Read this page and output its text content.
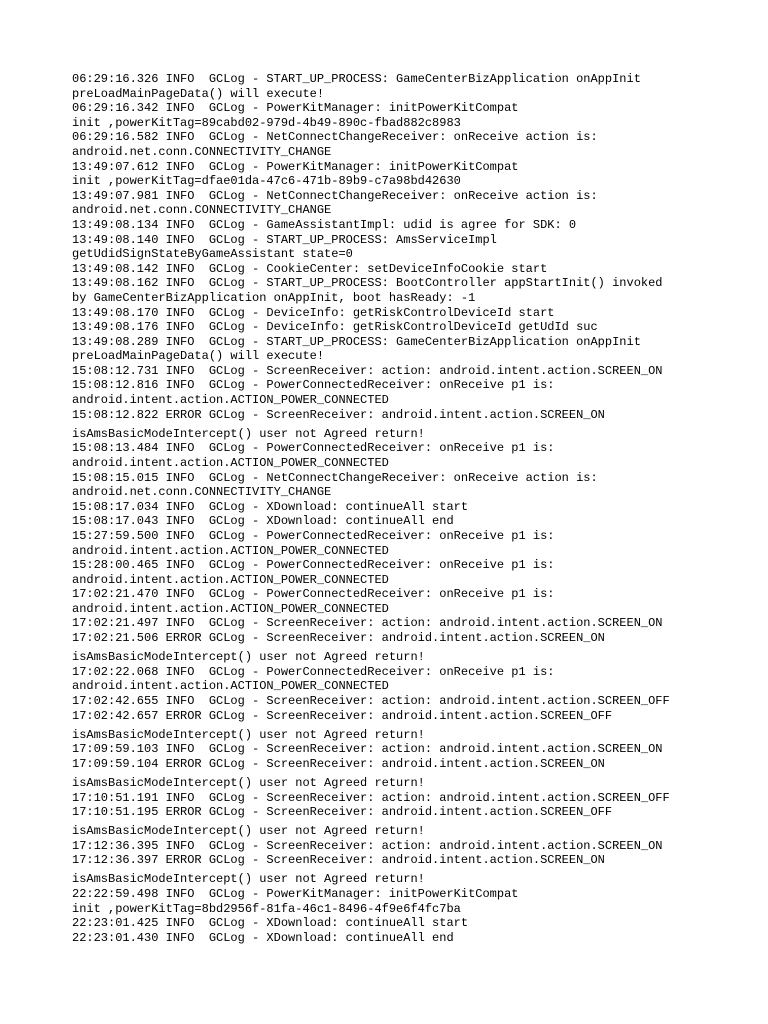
06:29:16.326 INFO  GCLog - START_UP_PROCESS: GameCenterBizApplication onAppInit
preLoadMainPageData() will execute!
06:29:16.342 INFO  GCLog - PowerKitManager: initPowerKitCompat
init ,powerKitTag=89cabd02-979d-4b49-890c-fbad882c8983
06:29:16.582 INFO  GCLog - NetConnectChangeReceiver: onReceive action is:
android.net.conn.CONNECTIVITY_CHANGE
13:49:07.612 INFO  GCLog - PowerKitManager: initPowerKitCompat
init ,powerKitTag=dfae01da-47c6-471b-89b9-c7a98bd42630
13:49:07.981 INFO  GCLog - NetConnectChangeReceiver: onReceive action is:
android.net.conn.CONNECTIVITY_CHANGE
13:49:08.134 INFO  GCLog - GameAssistantImpl: udid is agree for SDK: 0
13:49:08.140 INFO  GCLog - START_UP_PROCESS: AmsServiceImpl
getUdidSignStateByGameAssistant state=0
13:49:08.142 INFO  GCLog - CookieCenter: setDeviceInfoCookie start
13:49:08.162 INFO  GCLog - START_UP_PROCESS: BootController appStartInit() invoked
by GameCenterBizApplication onAppInit, boot hasReady: -1
13:49:08.170 INFO  GCLog - DeviceInfo: getRiskControlDeviceId start
13:49:08.176 INFO  GCLog - DeviceInfo: getRiskControlDeviceId getUdId suc
13:49:08.289 INFO  GCLog - START_UP_PROCESS: GameCenterBizApplication onAppInit
preLoadMainPageData() will execute!
15:08:12.731 INFO  GCLog - ScreenReceiver: action: android.intent.action.SCREEN_ON
15:08:12.816 INFO  GCLog - PowerConnectedReceiver: onReceive p1 is:
android.intent.action.ACTION_POWER_CONNECTED
15:08:12.822 ERROR GCLog - ScreenReceiver: android.intent.action.SCREEN_ON
isAmsBasicModeIntercept() user not Agreed return!
15:08:13.484 INFO  GCLog - PowerConnectedReceiver: onReceive p1 is:
android.intent.action.ACTION_POWER_CONNECTED
15:08:15.015 INFO  GCLog - NetConnectChangeReceiver: onReceive action is:
android.net.conn.CONNECTIVITY_CHANGE
15:08:17.034 INFO  GCLog - XDownload: continueAll start
15:08:17.043 INFO  GCLog - XDownload: continueAll end
15:27:59.500 INFO  GCLog - PowerConnectedReceiver: onReceive p1 is:
android.intent.action.ACTION_POWER_CONNECTED
15:28:00.465 INFO  GCLog - PowerConnectedReceiver: onReceive p1 is:
android.intent.action.ACTION_POWER_CONNECTED
17:02:21.470 INFO  GCLog - PowerConnectedReceiver: onReceive p1 is:
android.intent.action.ACTION_POWER_CONNECTED
17:02:21.497 INFO  GCLog - ScreenReceiver: action: android.intent.action.SCREEN_ON
17:02:21.506 ERROR GCLog - ScreenReceiver: android.intent.action.SCREEN_ON
isAmsBasicModeIntercept() user not Agreed return!
17:02:22.068 INFO  GCLog - PowerConnectedReceiver: onReceive p1 is:
android.intent.action.ACTION_POWER_CONNECTED
17:02:42.655 INFO  GCLog - ScreenReceiver: action: android.intent.action.SCREEN_OFF
17:02:42.657 ERROR GCLog - ScreenReceiver: android.intent.action.SCREEN_OFF
isAmsBasicModeIntercept() user not Agreed return!
17:09:59.103 INFO  GCLog - ScreenReceiver: action: android.intent.action.SCREEN_ON
17:09:59.104 ERROR GCLog - ScreenReceiver: android.intent.action.SCREEN_ON
isAmsBasicModeIntercept() user not Agreed return!
17:10:51.191 INFO  GCLog - ScreenReceiver: action: android.intent.action.SCREEN_OFF
17:10:51.195 ERROR GCLog - ScreenReceiver: android.intent.action.SCREEN_OFF
isAmsBasicModeIntercept() user not Agreed return!
17:12:36.395 INFO  GCLog - ScreenReceiver: action: android.intent.action.SCREEN_ON
17:12:36.397 ERROR GCLog - ScreenReceiver: android.intent.action.SCREEN_ON
isAmsBasicModeIntercept() user not Agreed return!
22:22:59.498 INFO  GCLog - PowerKitManager: initPowerKitCompat
init ,powerKitTag=8bd2956f-81fa-46c1-8496-4f9e6f4fc7ba
22:23:01.425 INFO  GCLog - XDownload: continueAll start
22:23:01.430 INFO  GCLog - XDownload: continueAll end
